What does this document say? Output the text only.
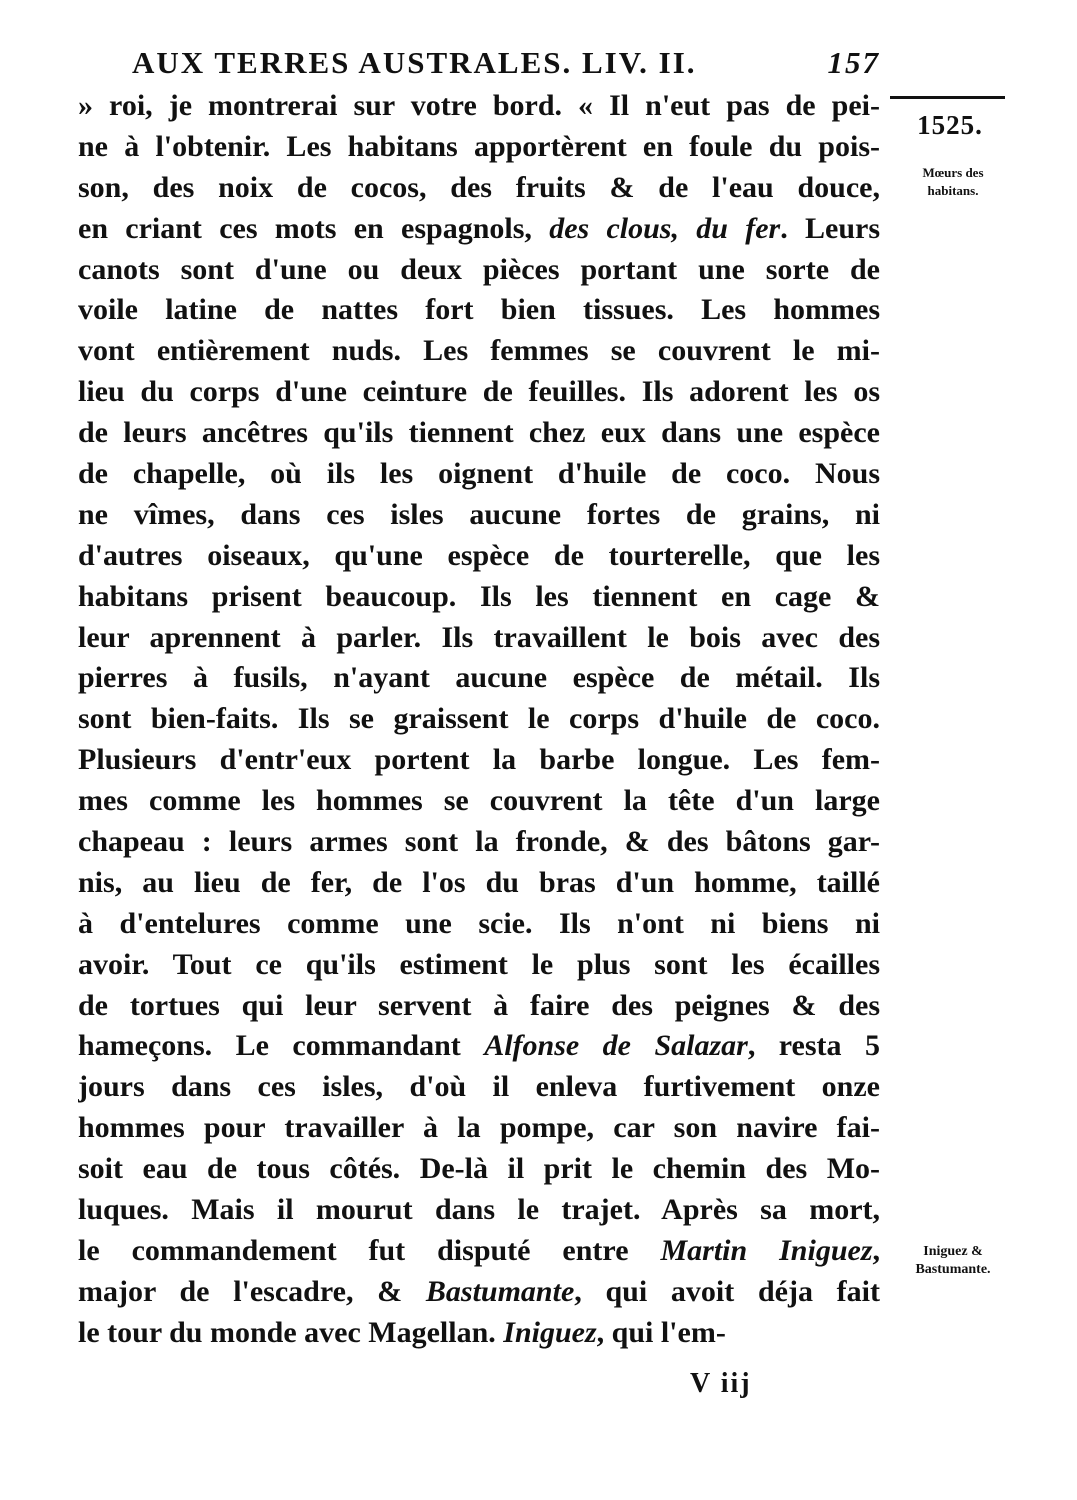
AUX TERRES AUSTRALES. LIV. II.	157
1525.
Mœurs des
habitans.
Iniguez &
Bastumante.
» roi, je montrerai sur votre bord. « Il n'eut pas de pei-
ne à l'obtenir. Les habitans apportèrent en foule du pois-
son, des noix de cocos, des fruits & de l'eau douce,
en criant ces mots en espagnols, des clous, du fer. Leurs
canots sont d'une ou deux pièces portant une sorte de
voile latine de nattes fort bien tissues. Les hommes
vont entièrement nuds. Les femmes se couvrent le mi-
lieu du corps d'une ceinture de feuilles. Ils adorent les os
de leurs ancêtres qu'ils tiennent chez eux dans une espèce
de chapelle, où ils les oignent d'huile de coco. Nous
ne vîmes, dans ces isles aucune fortes de grains, ni
d'autres oiseaux, qu'une espèce de tourterelle, que les
habitans prisent beaucoup. Ils les tiennent en cage &
leur aprennent à parler. Ils travaillent le bois avec des
pierres à fusils, n'ayant aucune espèce de métail. Ils
sont bien-faits. Ils se graissent le corps d'huile de coco.
Plusieurs d'entr'eux portent la barbe longue. Les fem-
mes comme les hommes se couvrent la tête d'un large
chapeau : leurs armes sont la fronde, & des bâtons gar-
nis, au lieu de fer, de l'os du bras d'un homme, taillé
à d'entelures comme une scie. Ils n'ont ni biens ni
avoir. Tout ce qu'ils estiment le plus sont les écailles
de tortues qui leur servent à faire des peignes & des
hameçons. Le commandant Alfonse de Salazar, resta 5
jours dans ces isles, d'où il enleva furtivement onze
hommes pour travailler à la pompe, car son navire fai-
soit eau de tous côtés. De-là il prit le chemin des Mo-
luques. Mais il mourut dans le trajet. Après sa mort,
le commandement fut disputé entre Martin Iniguez,
major de l'escadre, & Bastumante, qui avoit déja fait
le tour du monde avec Magellan. Iniguez, qui l'em-
V iij
